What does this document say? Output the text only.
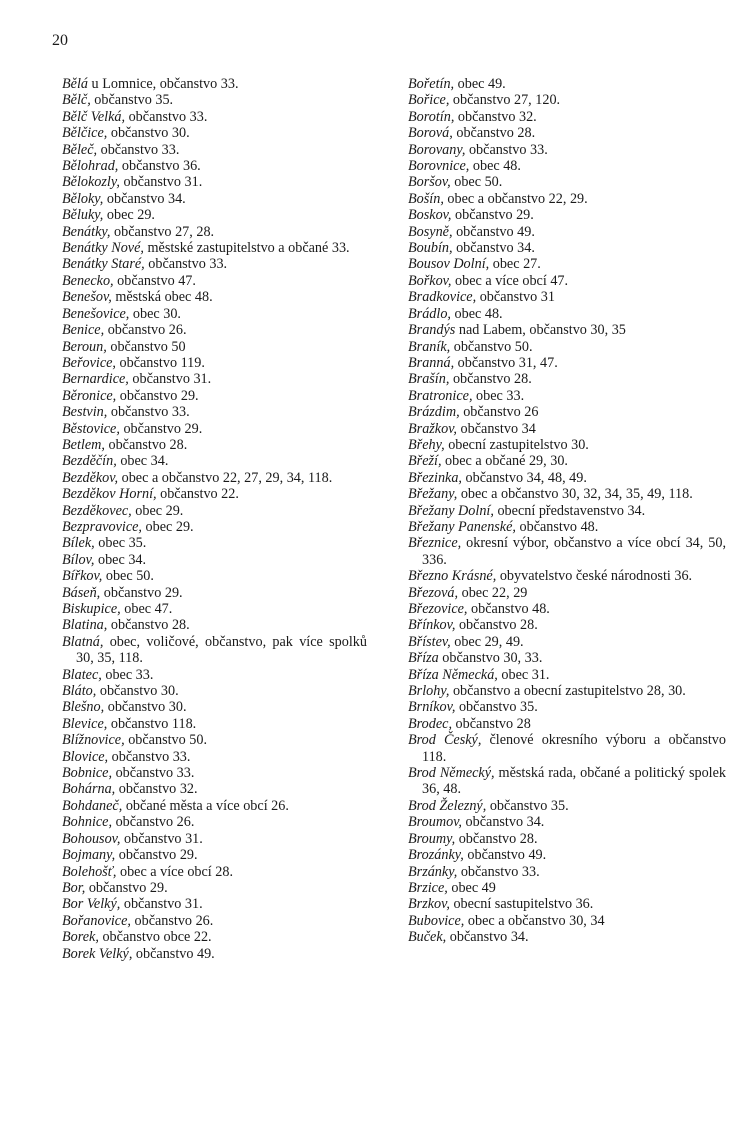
20
Bělá u Lomnice, občanstvo 33.
Bělč, občanstvo 35.
Bělč Velká, občanstvo 33.
Bělčice, občanstvo 30.
Běleč, občanstvo 33.
Bělohrad, občanstvo 36.
Bělokozly, občanstvo 31.
Běloky, občanstvo 34.
Běluky, obec 29.
Benátky, občanstvo 27, 28.
Benátky Nové, městské zastupitelstvo a občané 33.
Benátky Staré, občanstvo 33.
Benecko, občanstvo 47.
Benešov, městská obec 48.
Benešovice, obec 30.
Benice, občanstvo 26.
Beroun, občanstvo 50
Beřovice, občanstvo 119.
Bernardice, občanstvo 31.
Běronice, občanstvo 29.
Bestvin, občanstvo 33.
Běstovice, občanstvo 29.
Betlem, občanstvo 28.
Bezděčín, obec 34.
Bezděkov, obec a občanstvo 22, 27, 29, 34, 118.
Bezděkov Horní, občanstvo 22.
Bezděkovec, obec 29.
Bezpravovice, obec 29.
Bílek, obec 35.
Bílov, obec 34.
Bířkov, obec 50.
Báseň, občanstvo 29.
Biskupice, obec 47.
Blatina, občanstvo 28.
Blatná, obec, voličové, občanstvo, pak více spolků 30, 35, 118.
Blatec, obec 33.
Bláto, občanstvo 30.
Blešno, občanstvo 30.
Blevice, občanstvo 118.
Blížnovice, občanstvo 50.
Blovice, občanstvo 33.
Bobnice, občanstvo 33.
Bohárna, občanstvo 32.
Bohdaneč, občané města a více obcí 26.
Bohnice, občanstvo 26.
Bohousov, občanstvo 31.
Bojmany, občanstvo 29.
Bolehošť, obec a více obcí 28.
Bor, občanstvo 29.
Bor Velký, občanstvo 31.
Bořanovice, občanstvo 26.
Borek, občanstvo obce 22.
Borek Velký, občanstvo 49.
Bořetín, obec 49.
Bořice, občanstvo 27, 120.
Borotín, občanstvo 32.
Borová, občanstvo 28.
Borovany, občanstvo 33.
Borovnice, obec 48.
Boršov, obec 50.
Bošín, obec a občanstvo 22, 29.
Boskov, občanstvo 29.
Bosyně, občanstvo 49.
Boubín, občanstvo 34.
Bousov Dolní, obec 27.
Bořkov, obec a více obcí 47.
Bradkovice, občanstvo 31
Brádlo, obec 48.
Brandýs nad Labem, občanstvo 30, 35
Braník, občanstvo 50.
Branná, občanstvo 31, 47.
Brašín, občanstvo 28.
Bratronice, obec 33.
Brázdim, občanstvo 26
Bražkov, občanstvo 34
Břehy, obecní zastupitelstvo 30.
Břeží, obec a občané 29, 30.
Březinka, občanstvo 34, 48, 49.
Břežany, obec a občanstvo 30, 32, 34, 35, 49, 118.
Břežany Dolní, obecní představenstvo 34.
Břežany Panenské, občanstvo 48.
Březnice, okresní výbor, občanstvo a více obcí 34, 50, 336.
Březno Krásné, obyvatelstvo české národnosti 36.
Březová, obec 22, 29
Březovice, občanstvo 48.
Břínkov, občanstvo 28.
Břístev, obec 29, 49.
Bříza občanstvo 30, 33.
Bříza Německá, obec 31.
Brlohy, občanstvo a obecní zastupitelstvo 28, 30.
Brníkov, občanstvo 35.
Brodec, občanstvo 28
Brod Český, členové okresního výboru a občanstvo 118.
Brod Německý, městská rada, občané a politický spolek 36, 48.
Brod Železný, občanstvo 35.
Broumov, občanstvo 34.
Broumy, občanstvo 28.
Brozánky, občanstvo 49.
Brzánky, občanstvo 33.
Brzice, obec 49
Brzkov, obecní sastupitelstvo 36.
Bubovice, obec a občanstvo 30, 34
Buček, občanstvo 34.
